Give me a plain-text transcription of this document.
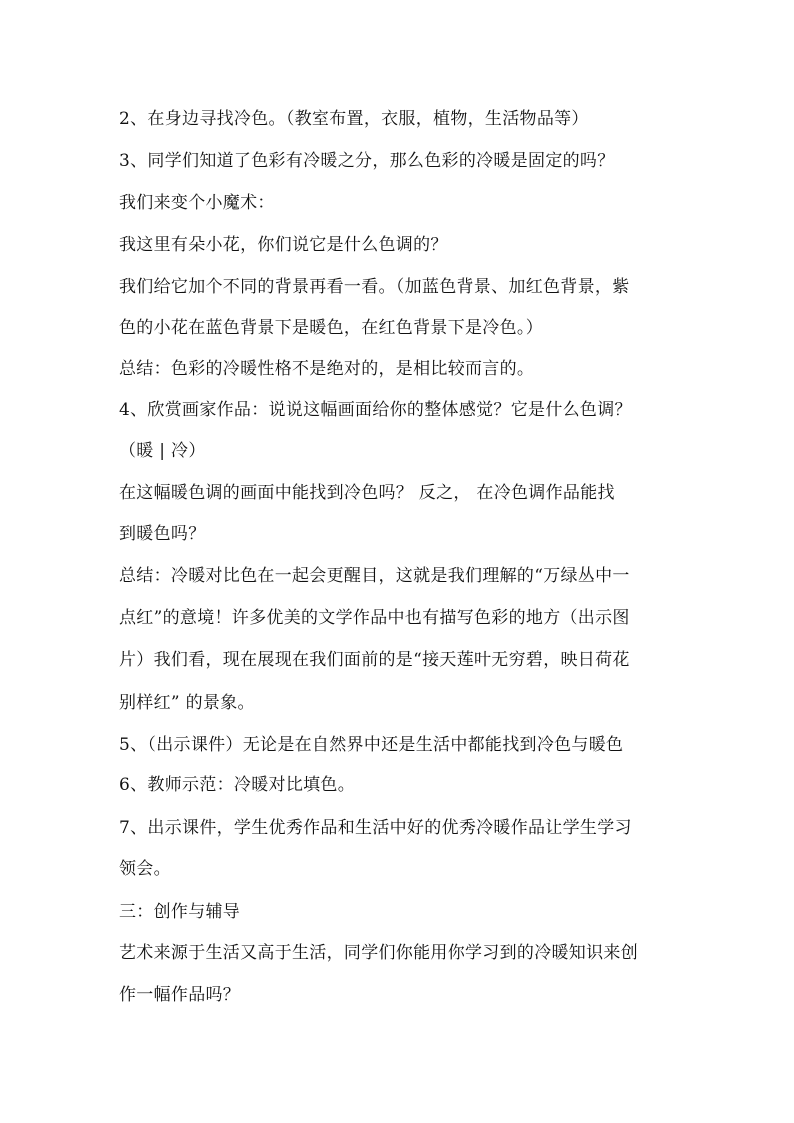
2、在身边寻找冷色。（教室布置，衣服，植物，生活物品等）
3、同学们知道了色彩有冷暖之分，那么色彩的冷暖是固定的吗？
我们来变个小魔术：
我这里有朵小花，你们说它是什么色调的？
我们给它加个不同的背景再看一看。（加蓝色背景、加红色背景，紫
色的小花在蓝色背景下是暖色，在红色背景下是冷色。）
总结：色彩的冷暖性格不是绝对的，是相比较而言的。
4、欣赏画家作品：说说这幅画面给你的整体感觉？它是什么色调？
（暖 | 冷）
在这幅暖色调的画面中能找到冷色吗？ 反之， 在冷色调作品能找
到暖色吗？
总结：冷暖对比色在一起会更醒目，这就是我们理解的“万绿丛中一
点红”的意境！许多优美的文学作品中也有描写色彩的地方（出示图
片）我们看，现在展现在我们面前的是“接天莲叶无穷碧，映日荷花
别样红” 的景象。
5、（出示课件）无论是在自然界中还是生活中都能找到冷色与暖色
6、教师示范：冷暖对比填色。
7、出示课件，学生优秀作品和生活中好的优秀冷暖作品让学生学习
领会。
三：创作与辅导
艺术来源于生活又高于生活，同学们你能用你学习到的冷暖知识来创
作一幅作品吗？
